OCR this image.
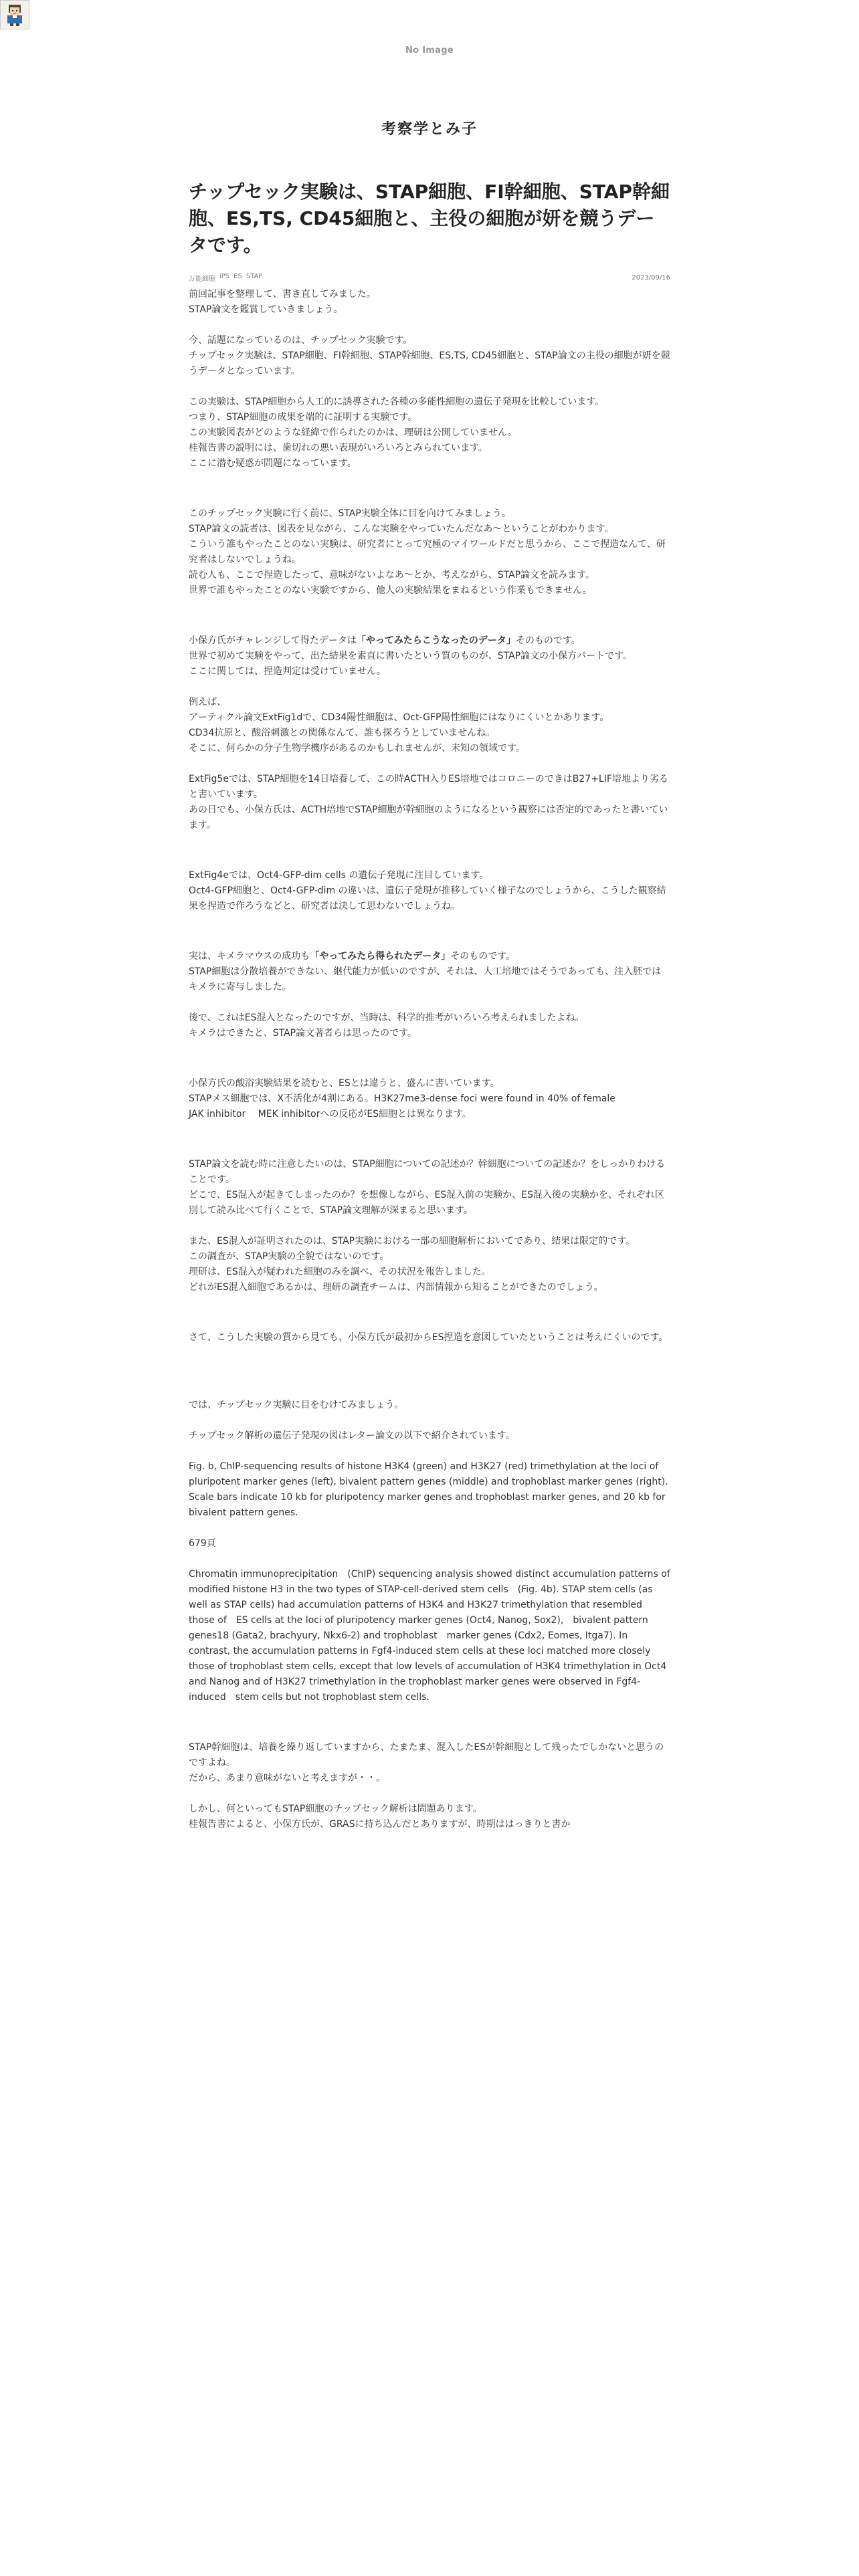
No Image
考察学とみ子
チップセック実験は、STAP細胞、FI幹細胞、STAP幹細胞、ES,TS, CD45細胞と、主役の細胞が妍を競うデータです。
万能細胞 iPS ES STAP	2023/09/16

前回記事を整理して、書き直してみました。

STAP論文を鑑賞していきましょう。

今、話題になっているのは、チップセック実験です。

チップセック実験は、STAP細胞、FI幹細胞、STAP幹細胞、ES,TS, CD45細胞と、STAP論文の主役の細胞が妍を競うデータとなっています。

この実験は、STAP細胞から人工的に誘導された各種の多能性細胞の遺伝子発現を比較しています。

つまり、STAP細胞の成果を端的に証明する実験です。

この実験図表がどのような経緯で作られたのかは、理研は公開していません。

桂報告書の説明には、歯切れの悪い表現がいろいろとみられています。

ここに潜む疑惑が問題になっています。

このチップセック実験に行く前に、STAP実験全体に目を向けてみましょう。

STAP論文の読者は、図表を見ながら、こんな実験をやっていたんだなあ～ということがわかります。

こういう誰もやったことのない実験は、研究者にとって究極のマイワールドだと思うから、ここで捏造なんて、研究者はしないでしょうね。

読む人も、ここで捏造したって、意味がないよなあ～とか、考えながら、STAP論文を読みます。

世界で誰もやったことのない実験ですから、他人の実験結果をまねるという作業もできません。

小保方氏がチャレンジして得たデータは「やってみたらこうなったのデータ」そのものです。

世界で初めて実験をやって、出た結果を素直に書いたという質のものが、STAP論文の小保方パートです。

ここに関しては、捏造判定は受けていません。

例えば、

アーティクル論文ExtFig1dで、CD34陽性細胞は、Oct-GFP陽性細胞にはなりにくいとかあります。

CD34抗原と、酸浴刺激との関係なんて、誰も探ろうとしていませんね。

そこに、何らかの分子生物学機序があるのかもしれませんが、未知の領域です。

ExtFig5eでは、STAP細胞を14日培養して、この時ACTH入りES培地ではコロニーのできはB27+LIF培地より劣ると書いています。

あの日でも、小保方氏は、ACTH培地でSTAP細胞が幹細胞のようになるという観察には否定的であったと書いています。

ExtFig4eでは、Oct4-GFP-dim cells の遺伝子発現に注目しています。

Oct4-GFP細胞と、Oct4-GFP-dim の違いは、遺伝子発現が推移していく様子なのでしょうから、こうした観察結果を捏造で作ろうなどと、研究者は決して思わないでしょうね。

実は、キメラマウスの成功も「やってみたら得られたデータ」そのものです。

STAP細胞は分散培養ができない、継代能力が低いのですが、それは、人工培地ではそうであっても、注入胚ではキメラに寄与しました。

後で、これはES混入となったのですが、当時は、科学的推考がいろいろ考えられましたよね。

キメラはできたと、STAP論文著者らは思ったのです。

小保方氏の酸浴実験結果を読むと、ESとは違うと、盛んに書いています。

STAPメス細胞では、X不活化が4割にある。H3K27me3-dense foci were found in 40% of female

JAK inhibitor　 MEK inhibitorへの反応がES細胞とは異なります。

STAP論文を読む時に注意したいのは、STAP細胞についての記述か？幹細胞についての記述か？をしっかりわけることです。

どこで、ES混入が起きてしまったのか？を想像しながら、ES混入前の実験か、ES混入後の実験かを、それぞれ区別して読み比べて行くことで、STAP論文理解が深まると思います。

また、ES混入が証明されたのは、STAP実験における一部の細胞解析においてであり、結果は限定的です。

この調査が、STAP実験の全貌ではないのです。

理研は、ES混入が疑われた細胞のみを調べ、その状況を報告しました。

どれがES混入細胞であるかは、理研の調査チームは、内部情報から知ることができたのでしょう。

さて、こうした実験の質から見ても、小保方氏が最初からES捏造を意図していたということは考えにくいのです。

では、チップセック実験に目をむけてみましょう。

チップセック解析の遺伝子発現の図はレター論文の以下で紹介されています。

Fig. b, ChIP-sequencing results of histone H3K4 (green) and H3K27 (red) trimethylation at the loci of pluripotent marker genes (left), bivalent pattern genes (middle) and trophoblast marker genes (right). Scale bars indicate 10 kb for pluripotency marker genes and trophoblast marker genes, and 20 kb for bivalent pattern genes.

679頁

Chromatin immunoprecipitation　(ChIP) sequencing analysis showed distinct accumulation patterns of　modified histone H3 in the two types of STAP-cell-derived stem cells　(Fig. 4b). STAP stem cells (as well as STAP cells) had accumulation patterns of H3K4 and H3K27 trimethylation that resembled those of　ES cells at the loci of pluripotency marker genes (Oct4, Nanog, Sox2),　bivalent pattern genes18 (Gata2, brachyury, Nkx6-2) and trophoblast　marker genes (Cdx2, Eomes, Itga7). In contrast, the accumulation patterns in Fgf4-induced stem cells at these loci matched more closely　those of trophoblast stem cells, except that low levels of accumulation of H3K4 trimethylation in Oct4 and Nanog and of H3K27 trimethylation in the trophoblast marker genes were observed in Fgf4-induced　stem cells but not trophoblast stem cells.

STAP幹細胞は、培養を繰り返していますから、たまたま、混入したESが幹細胞として残ったでしかないと思うのですよね。

だから、あまり意味がないと考えますが・・。

しかし、何といってもSTAP細胞のチップセック解析は問題あります。

桂報告書によると、小保方氏が、GRASに持ち込んだとありますが、時期ははっきりと書か
